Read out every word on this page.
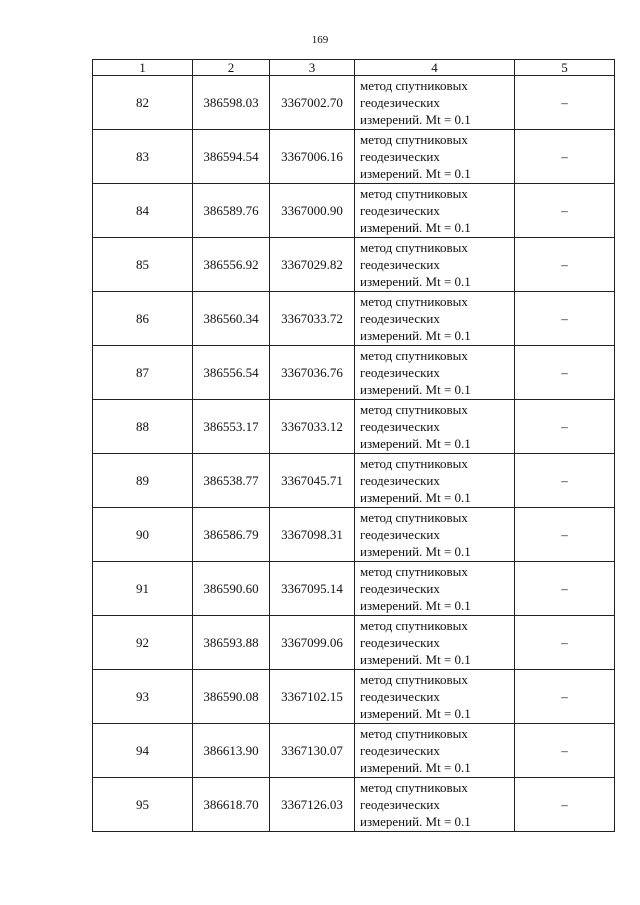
169
1	2	3	4	5
82	386598.03	3367002.70	метод спутниковых
геодезических
измерений. Mt = 0.1	–
83	386594.54	3367006.16	метод спутниковых
геодезических
измерений. Mt = 0.1	–
84	386589.76	3367000.90	метод спутниковых
геодезических
измерений. Mt = 0.1	–
85	386556.92	3367029.82	метод спутниковых
геодезических
измерений. Mt = 0.1	–
86	386560.34	3367033.72	метод спутниковых
геодезических
измерений. Mt = 0.1	–
87	386556.54	3367036.76	метод спутниковых
геодезических
измерений. Mt = 0.1	–
88	386553.17	3367033.12	метод спутниковых
геодезических
измерений. Mt = 0.1	–
89	386538.77	3367045.71	метод спутниковых
геодезических
измерений. Mt = 0.1	–
90	386586.79	3367098.31	метод спутниковых
геодезических
измерений. Mt = 0.1	–
91	386590.60	3367095.14	метод спутниковых
геодезических
измерений. Mt = 0.1	–
92	386593.88	3367099.06	метод спутниковых
геодезических
измерений. Mt = 0.1	–
93	386590.08	3367102.15	метод спутниковых
геодезических
измерений. Mt = 0.1	–
94	386613.90	3367130.07	метод спутниковых
геодезических
измерений. Mt = 0.1	–
95	386618.70	3367126.03	метод спутниковых
геодезических
измерений. Mt = 0.1	–
